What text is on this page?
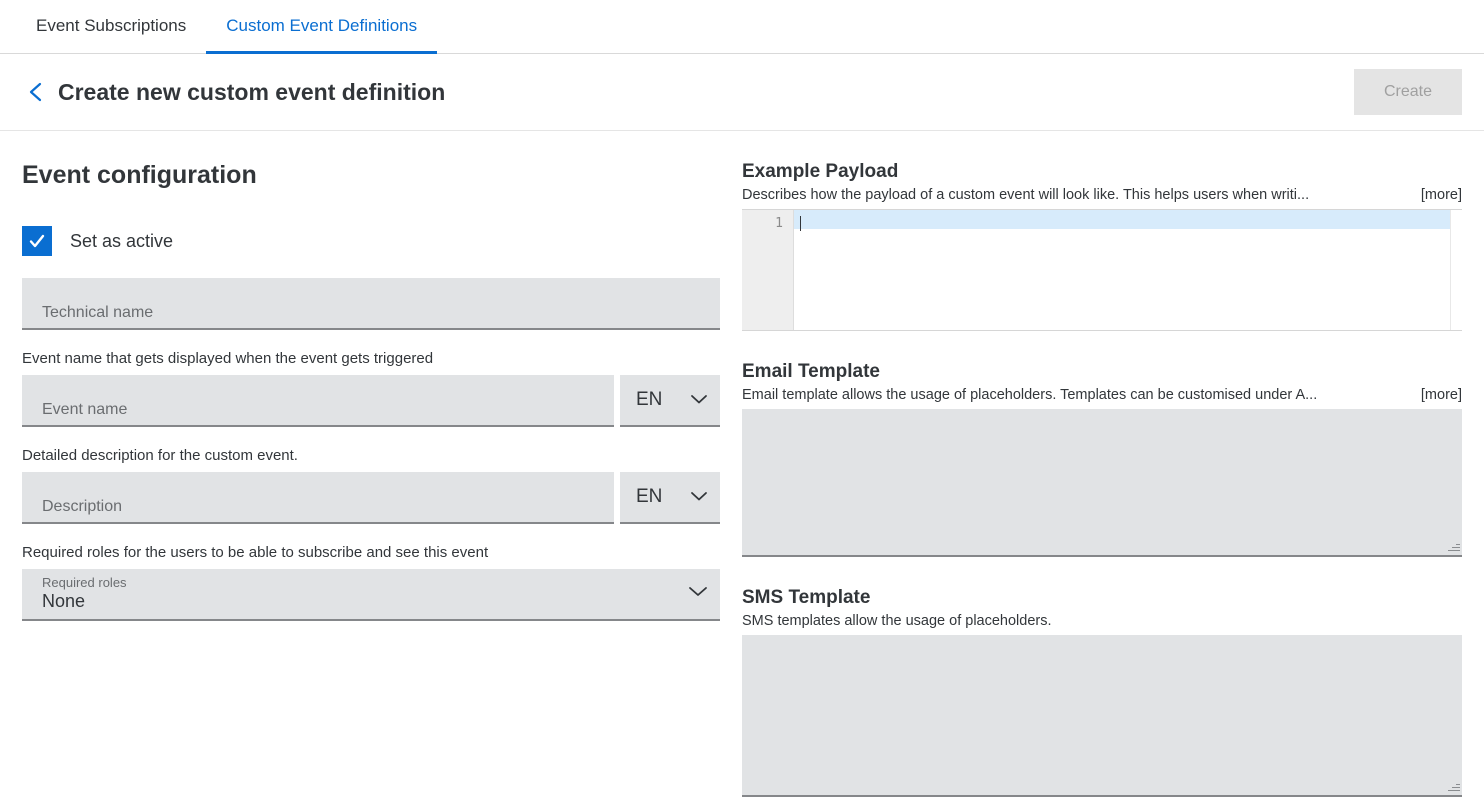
Event Subscriptions Custom Event Definitions
Create new custom event definition	Create
Event configuration
Set as active
Technical name
Event name that gets displayed when the event gets triggered
Event name	EN
Detailed description for the custom event.
Description	EN
Required roles for the users to be able to subscribe and see this event
Required roles
None
Example Payload
Describes how the payload of a custom event will look like. This helps users when writi...	[more]
1
Email Template
Email template allows the usage of placeholders. Templates can be customised under A...	[more]
SMS Template
SMS templates allow the usage of placeholders.
